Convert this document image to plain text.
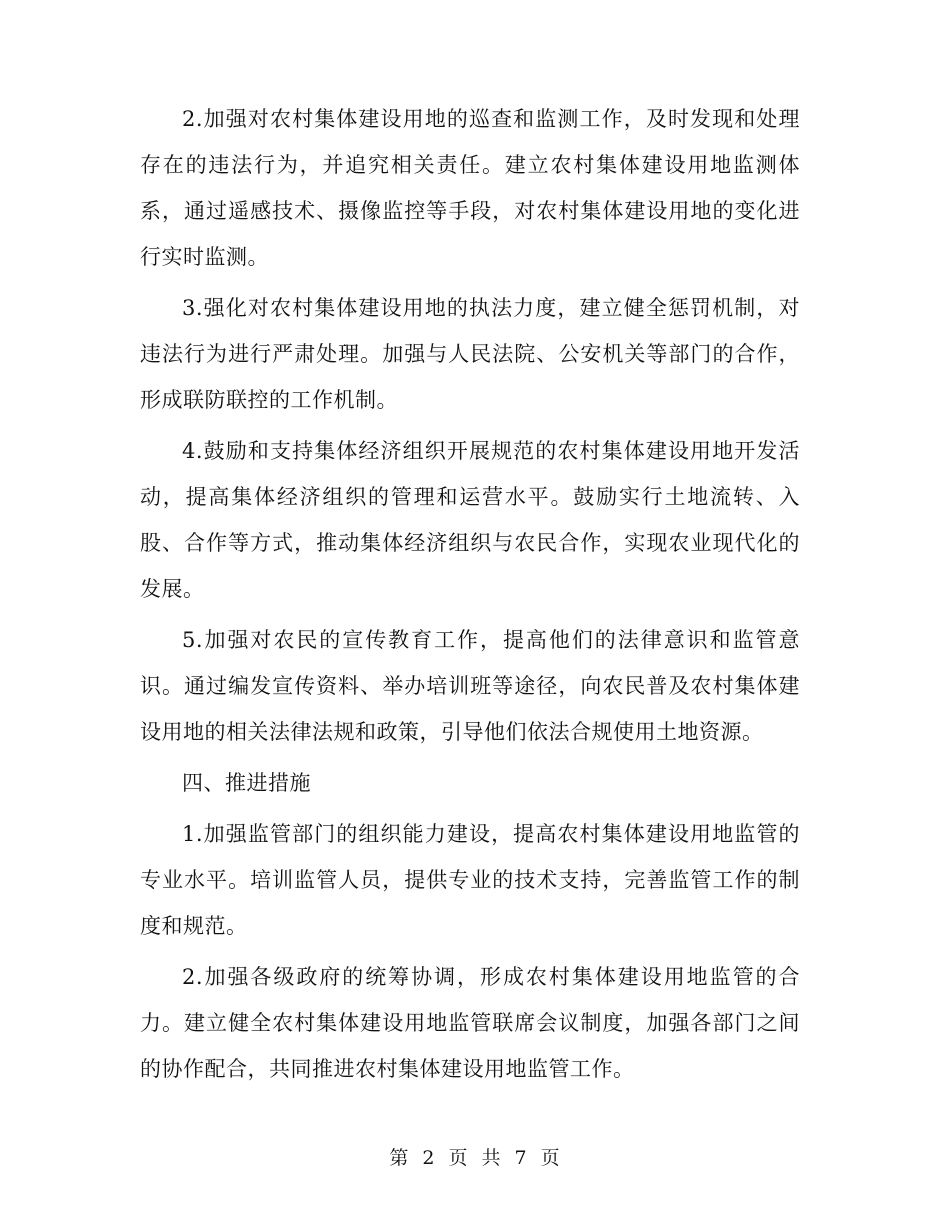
2.加强对农村集体建设用地的巡查和监测工作，及时发现和处理存在的违法行为，并追究相关责任。建立农村集体建设用地监测体系，通过遥感技术、摄像监控等手段，对农村集体建设用地的变化进行实时监测。

3.强化对农村集体建设用地的执法力度，建立健全惩罚机制，对违法行为进行严肃处理。加强与人民法院、公安机关等部门的合作，形成联防联控的工作机制。

4.鼓励和支持集体经济组织开展规范的农村集体建设用地开发活动，提高集体经济组织的管理和运营水平。鼓励实行土地流转、入股、合作等方式，推动集体经济组织与农民合作，实现农业现代化的发展。

5.加强对农民的宣传教育工作，提高他们的法律意识和监管意识。通过编发宣传资料、举办培训班等途径，向农民普及农村集体建设用地的相关法律法规和政策，引导他们依法合规使用土地资源。

四、推进措施

1.加强监管部门的组织能力建设，提高农村集体建设用地监管的专业水平。培训监管人员，提供专业的技术支持，完善监管工作的制度和规范。

2.加强各级政府的统筹协调，形成农村集体建设用地监管的合力。建立健全农村集体建设用地监管联席会议制度，加强各部门之间的协作配合，共同推进农村集体建设用地监管工作。

第 2 页 共 7 页
